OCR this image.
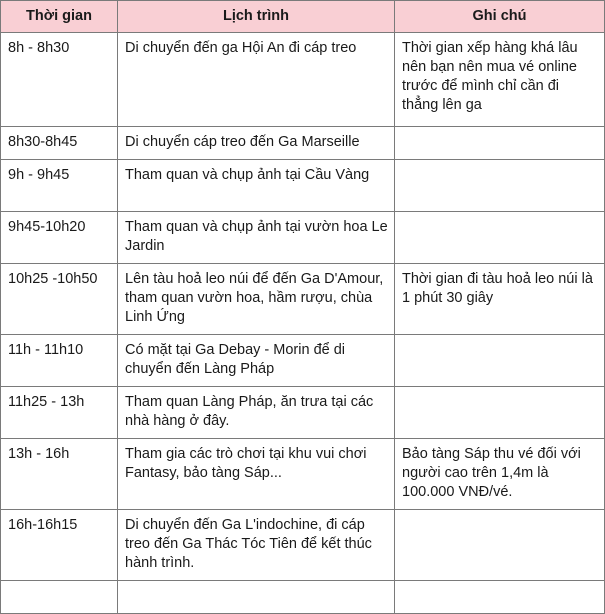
Thời gian	Lịch trình	Ghi chú
8h - 8h30	Di chuyển đến ga Hội An đi cáp treo	Thời gian xếp hàng khá lâu nên bạn nên mua vé online trước để mình chỉ cần đi thẳng lên ga
8h30-8h45	Di chuyển cáp treo đến Ga Marseille	
9h - 9h45	Tham quan và chụp ảnh tại Cầu Vàng	
9h45-10h20	Tham quan và chụp ảnh tại vườn hoa Le Jardin	
10h25 -10h50	Lên tàu hoả leo núi để đến Ga D'Amour, tham quan vườn hoa, hầm rượu, chùa Linh Ứng	Thời gian đi tàu hoả leo núi là 1 phút 30 giây
11h - 11h10	Có mặt tại Ga Debay - Morin để di chuyển đến Làng Pháp	
11h25 - 13h	Tham quan Làng Pháp, ăn trưa tại các nhà hàng ở đây.	
13h - 16h	Tham gia các trò chơi tại khu vui chơi Fantasy, bảo tàng Sáp...	Bảo tàng Sáp thu vé đối với người cao trên 1,4m là 100.000 VNĐ/vé.
16h-16h15	Di chuyển đến Ga L'indochine, đi cáp treo đến Ga Thác Tóc Tiên để kết thúc hành trình.	
